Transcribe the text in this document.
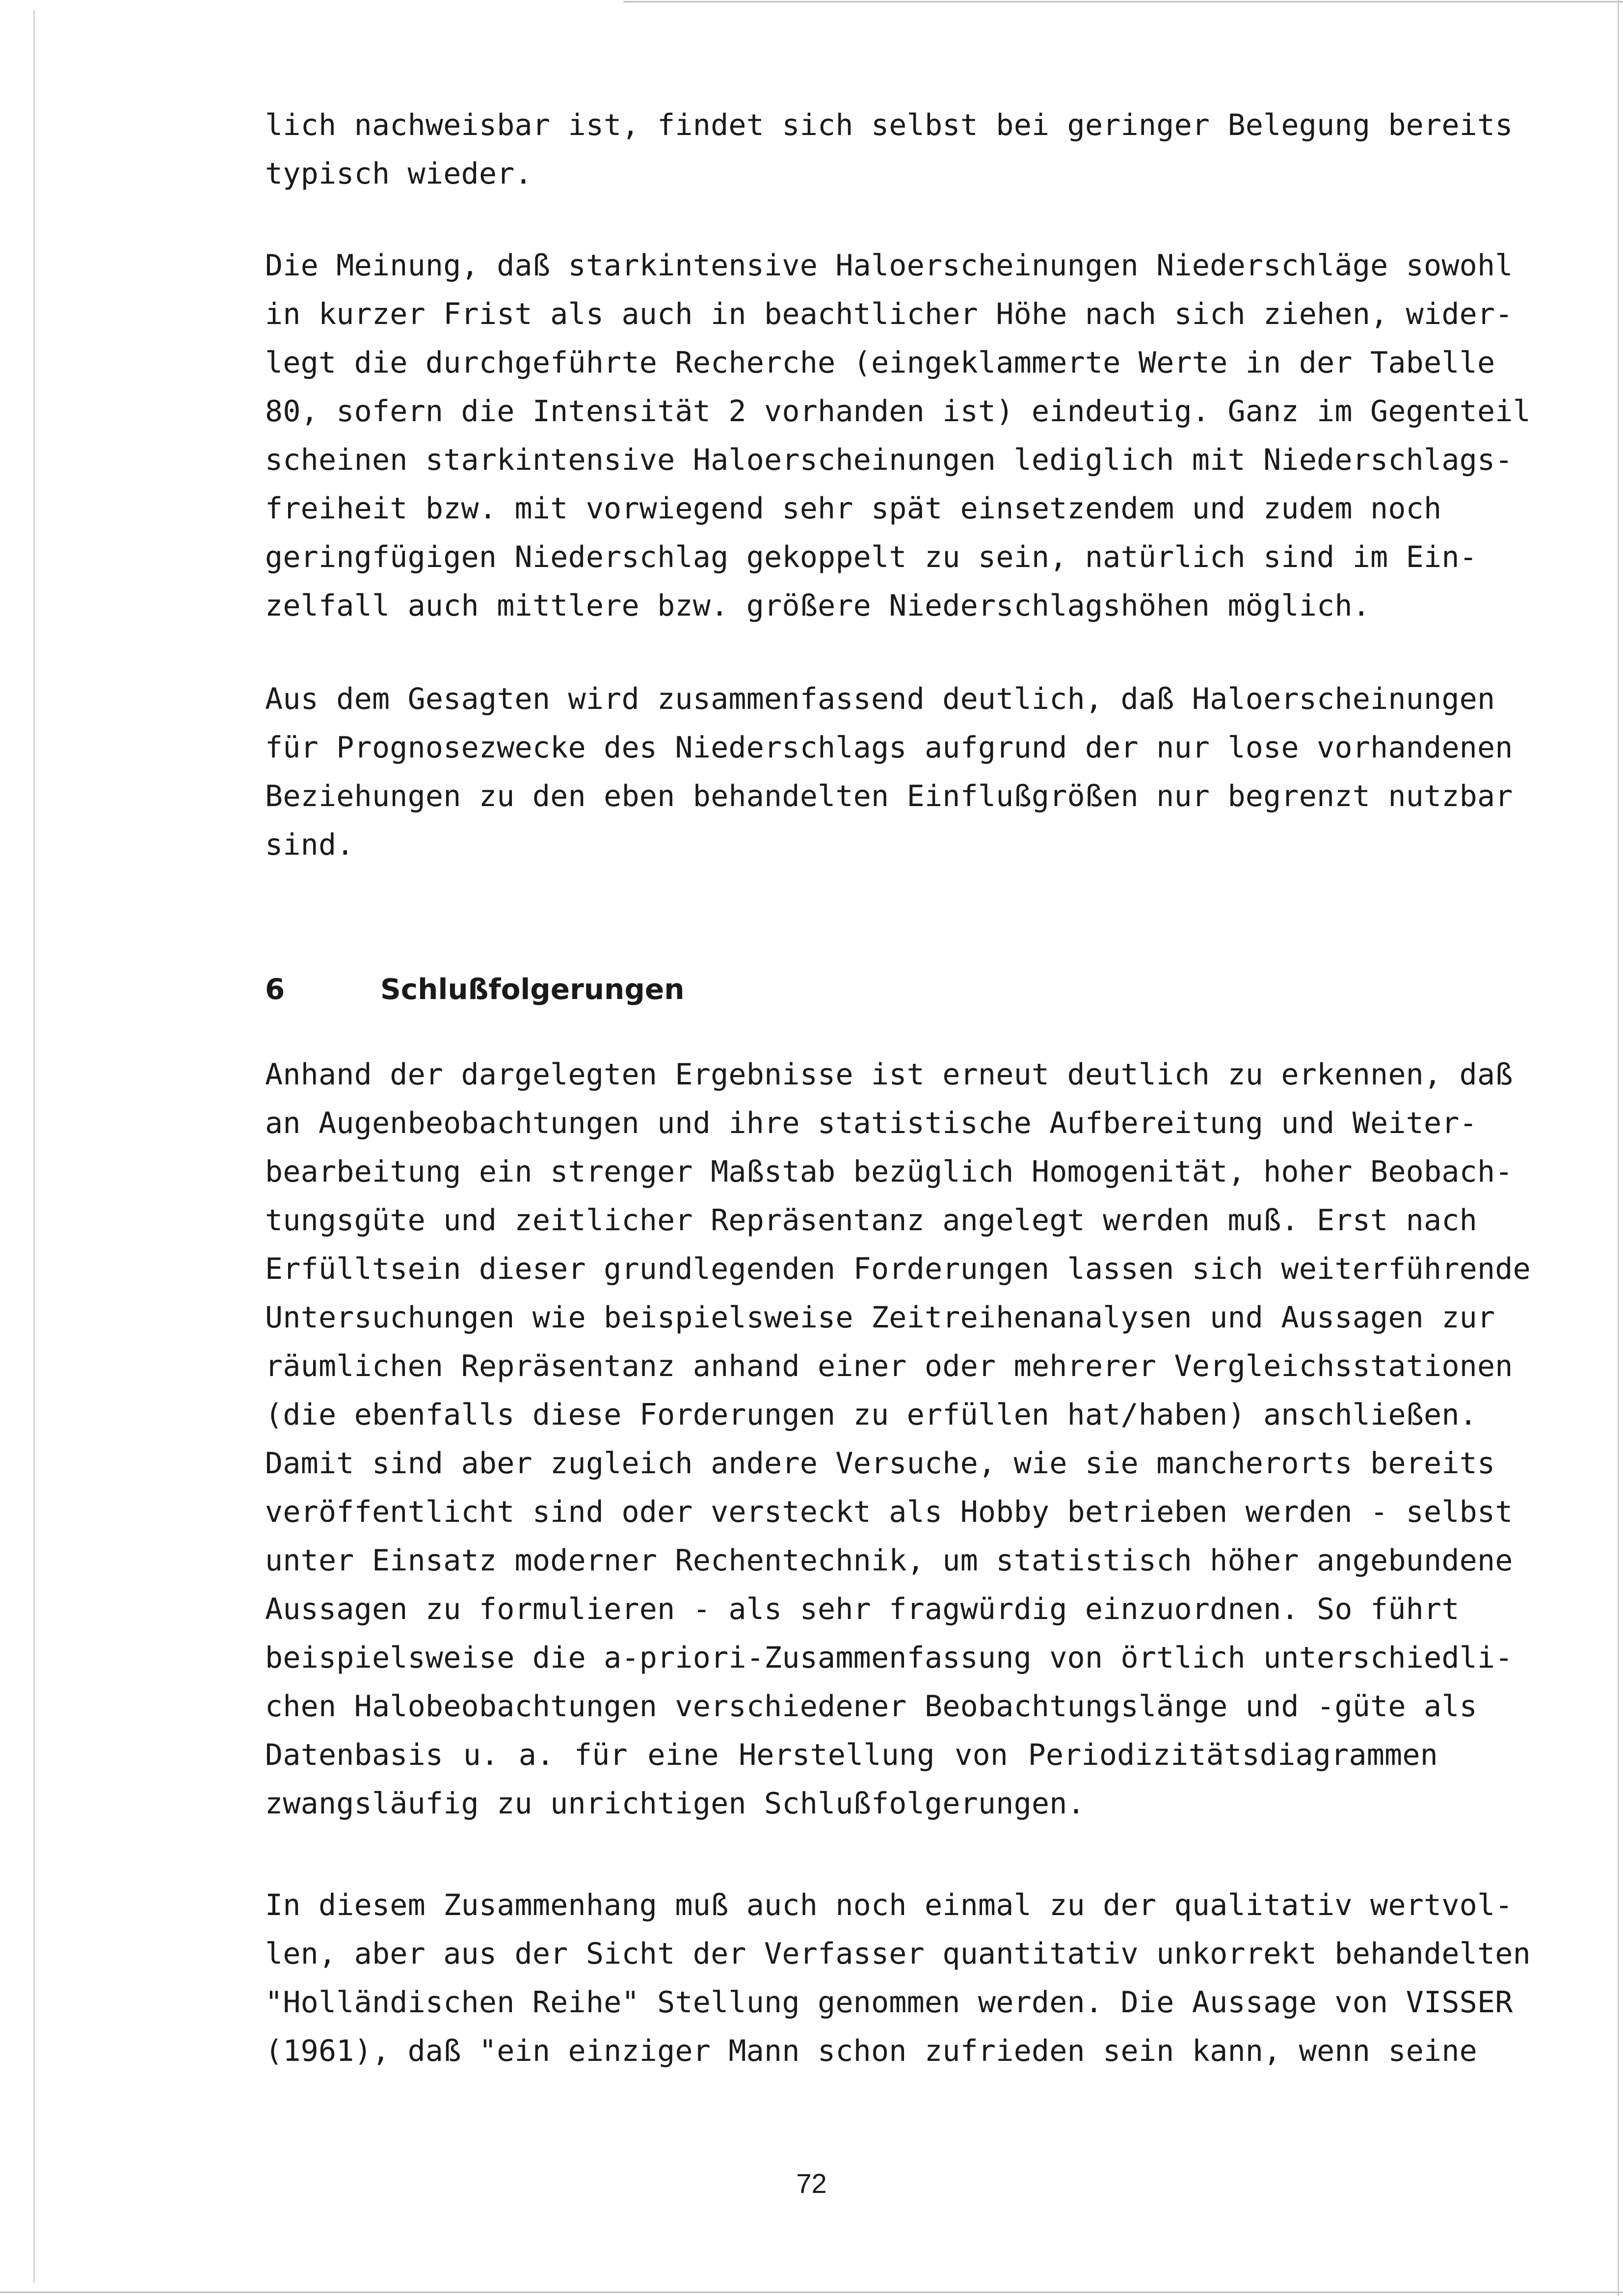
lich nachweisbar ist, findet sich selbst bei geringer Belegung bereits
typisch wieder.
Die Meinung, daß starkintensive Haloerscheinungen Niederschläge sowohl
in kurzer Frist als auch in beachtlicher Höhe nach sich ziehen, wider-
legt die durchgeführte Recherche (eingeklammerte Werte in der Tabelle
80, sofern die Intensität 2 vorhanden ist) eindeutig. Ganz im Gegenteil
scheinen starkintensive Haloerscheinungen lediglich mit Niederschlags-
freiheit bzw. mit vorwiegend sehr spät einsetzendem und zudem noch
geringfügigen Niederschlag gekoppelt zu sein, natürlich sind im Ein-
zelfall auch mittlere bzw. größere Niederschlagshöhen möglich.
Aus dem Gesagten wird zusammenfassend deutlich, daß Haloerscheinungen
für Prognosezwecke des Niederschlags aufgrund der nur lose vorhandenen
Beziehungen zu den eben behandelten Einflußgrößen nur begrenzt nutzbar
sind.
6	Schlußfolgerungen
Anhand der dargelegten Ergebnisse ist erneut deutlich zu erkennen, daß
an Augenbeobachtungen und ihre statistische Aufbereitung und Weiter-
bearbeitung ein strenger Maßstab bezüglich Homogenität, hoher Beobach-
tungsgüte und zeitlicher Repräsentanz angelegt werden muß. Erst nach
Erfülltsein dieser grundlegenden Forderungen lassen sich weiterführende
Untersuchungen wie beispielsweise Zeitreihenanalysen und Aussagen zur
räumlichen Repräsentanz anhand einer oder mehrerer Vergleichsstationen
(die ebenfalls diese Forderungen zu erfüllen hat/haben) anschließen.
Damit sind aber zugleich andere Versuche, wie sie mancherorts bereits
veröffentlicht sind oder versteckt als Hobby betrieben werden - selbst
unter Einsatz moderner Rechentechnik, um statistisch höher angebundene
Aussagen zu formulieren - als sehr fragwürdig einzuordnen. So führt
beispielsweise die a-priori-Zusammenfassung von örtlich unterschiedli-
chen Halobeobachtungen verschiedener Beobachtungslänge und -güte als
Datenbasis u. a. für eine Herstellung von Periodizitätsdiagrammen
zwangsläufig zu unrichtigen Schlußfolgerungen.
In diesem Zusammenhang muß auch noch einmal zu der qualitativ wertvol-
len, aber aus der Sicht der Verfasser quantitativ unkorrekt behandelten
"Holländischen Reihe" Stellung genommen werden. Die Aussage von VISSER
(1961), daß "ein einziger Mann schon zufrieden sein kann, wenn seine
72
